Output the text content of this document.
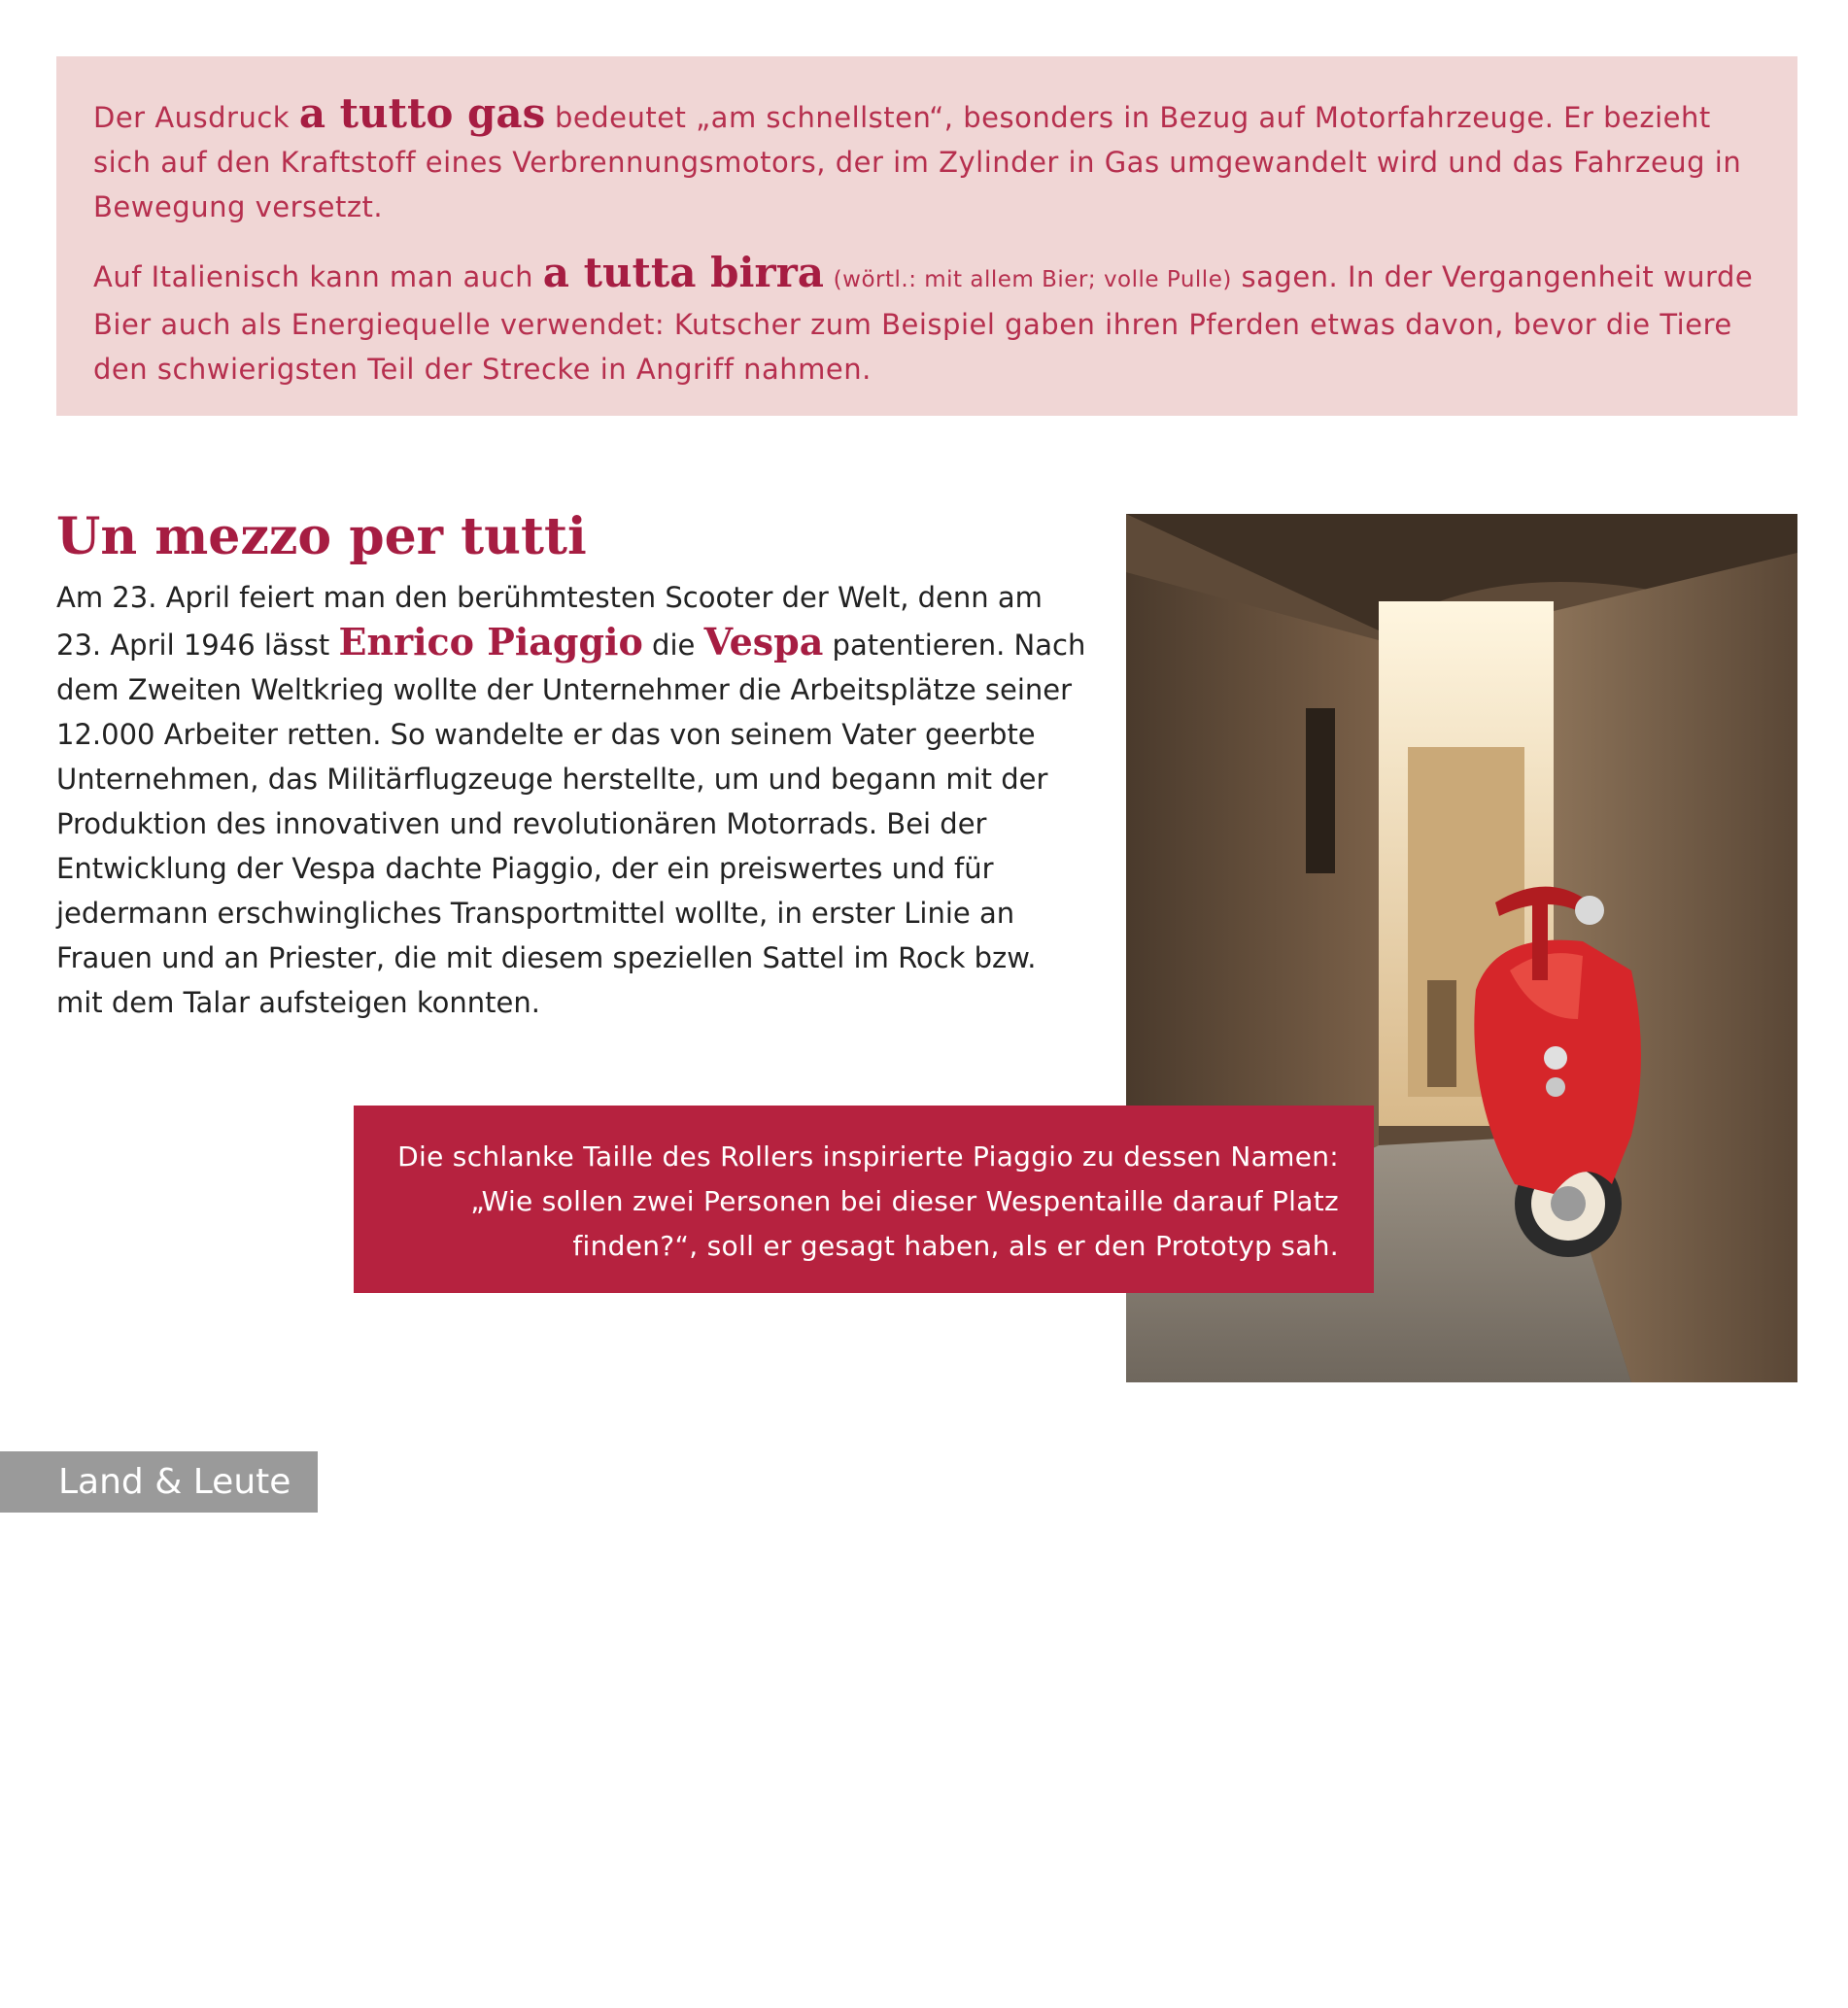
Der Ausdruck a tutto gas bedeutet „am schnellsten“, besonders in Bezug auf Motorfahrzeuge. Er bezieht sich auf den Kraftstoff eines Verbrennungsmotors, der im Zylinder in Gas umgewandelt wird und das Fahrzeug in Bewegung versetzt.

Auf Italienisch kann man auch a tutta birra (wörtl.: mit allem Bier; volle Pulle) sagen. In der Vergangenheit wurde Bier auch als Energiequelle verwendet: Kutscher zum Beispiel gaben ihren Pferden etwas davon, bevor die Tiere den schwierigsten Teil der Strecke in Angriff nahmen.

Un mezzo per tutti

Am 23. April feiert man den berühmtesten Scooter der Welt, denn am 23. April 1946 lässt Enrico Piaggio die Vespa patentieren. Nach dem Zweiten Weltkrieg wollte der Unternehmer die Arbeitsplätze seiner 12.000 Arbeiter retten. So wandelte er das von seinem Vater geerbte Unternehmen, das Militärflugzeuge herstellte, um und begann mit der Produktion des innovativen und revolutionären Motorrads. Bei der Entwicklung der Vespa dachte Piaggio, der ein preiswertes und für jedermann erschwingliches Transportmittel wollte, in erster Linie an Frauen und an Priester, die mit diesem speziellen Sattel im Rock bzw. mit dem Talar aufsteigen konnten.

Die schlanke Taille des Rollers inspirierte Piaggio zu dessen Namen: „Wie sollen zwei Personen bei dieser Wespentaille darauf Platz finden?“, soll er gesagt haben, als er den Prototyp sah.

Land & Leute
